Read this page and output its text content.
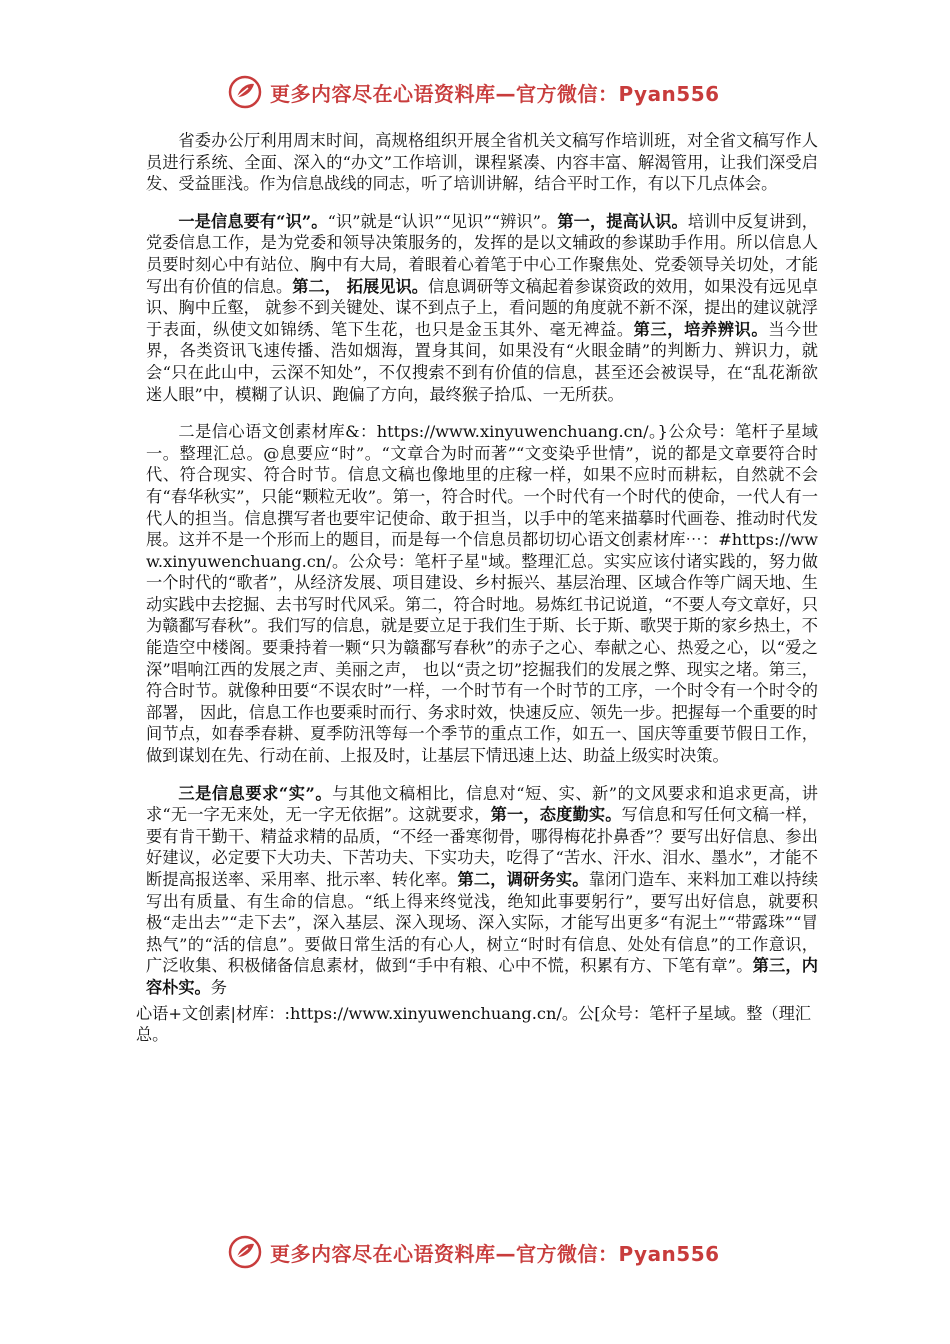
更多内容尽在心语资料库—官方微信：Pyan556

省委办公厅利用周末时间，高规格组织开展全省机关文稿写作培训班，对全省文稿写作人员进行系统、全面、深入的“办文”工作培训，课程紧凑、内容丰富、解渴管用，让我们深受启发、受益匪浅。作为信息战线的同志，听了培训讲解，结合平时工作，有以下几点体会。

一是信息要有“识”。“识”就是“认识”“见识”“辨识”。第一，提高认识。培训中反复讲到，党委信息工作，是为党委和领导决策服务的，发挥的是以文辅政的参谋助手作用。所以信息人员要时刻心中有站位、胸中有大局，着眼着心着笔于中心工作聚焦处、党委领导关切处，才能写出有价值的信息。第二， 拓展见识。信息调研等文稿起着参谋资政的效用，如果没有远见卓识、胸中丘壑， 就参不到关键处、谋不到点子上，看问题的角度就不新不深，提出的建议就浮于表面，纵使文如锦绣、笔下生花，也只是金玉其外、毫无裨益。第三，培养辨识。当今世界，各类资讯飞速传播、浩如烟海，置身其间，如果没有“火眼金睛”的判断力、辨识力，就会“只在此山中，云深不知处”，不仅搜索不到有价值的信息，甚至还会被误导，在“乱花渐欲迷人眼”中，模糊了认识、跑偏了方向，最终猴子拾瓜、一无所获。

二是信心语文创素材库&：https://www.xinyuwenchuang.cn/。}公众号：笔杆子星域一。整理汇总。@息要应“时”。“文章合为时而著”“文变染乎世情”，说的都是文章要符合时代、符合现实、符合时节。信息文稿也像地里的庄稼一样，如果不应时而耕耘，自然就不会有“春华秋实”，只能“颗粒无收”。第一，符合时代。一个时代有一个时代的使命，一代人有一代人的担当。信息撰写者也要牢记使命、敢于担当，以手中的笔来描摹时代画卷、推动时代发展。这并不是一个形而上的题目，而是每一个信息员都切切心语文创素材库⋯：#https://www.xinyuwenchuang.cn/。公众号：笔杆子星"域。整理汇总。实实应该付诸实践的，努力做一个时代的“歌者”，从经济发展、项目建设、乡村振兴、基层治理、区域合作等广阔天地、生动实践中去挖掘、去书写时代风采。第二，符合时地。易炼红书记说道，“不要人夸文章好，只为赣鄱写春秋”。我们写的信息，就是要立足于我们生于斯、长于斯、歌哭于斯的家乡热土，不能造空中楼阁。要秉持着一颗“只为赣鄱写春秋”的赤子之心、奉献之心、热爱之心，以“爱之深”唱响江西的发展之声、美丽之声， 也以“责之切”挖掘我们的发展之弊、现实之堵。第三，符合时节。就像种田要“不误农时”一样，一个时节有一个时节的工序，一个时令有一个时令的部署， 因此，信息工作也要乘时而行、务求时效，快速反应、领先一步。把握每一个重要的时间节点，如春季春耕、夏季防汛等每一个季节的重点工作，如五一、国庆等重要节假日工作，做到谋划在先、行动在前、上报及时，让基层下情迅速上达、助益上级实时决策。

三是信息要求“实”。与其他文稿相比，信息对“短、实、新”的文风要求和追求更高，讲求“无一字无来处，无一字无依据”。这就要求，第一，态度勤实。写信息和写任何文稿一样，要有肯干勤干、精益求精的品质，“不经一番寒彻骨，哪得梅花扑鼻香”？要写出好信息、参出好建议，必定要下大功夫、下苦功夫、下实功夫，吃得了“苦水、汗水、泪水、墨水”，才能不断提高报送率、采用率、批示率、转化率。第二，调研务实。靠闭门造车、来料加工难以持续写出有质量、有生命的信息。“纸上得来终觉浅，绝知此事要躬行”，要写出好信息，就要积极“走出去”“走下去”，深入基层、深入现场、深入实际，才能写出更多“有泥土”“带露珠”“冒热气”的“活的信息”。要做日常生活的有心人，树立“时时有信息、处处有信息”的工作意识，广泛收集、积极储备信息素材，做到“手中有粮、心中不慌，积累有方、下笔有章”。第三，内容朴实。务

心语+文创素|材库：:https://www.xinyuwenchuang.cn/。公[众号：笔杆子星域。整（理汇总。

更多内容尽在心语资料库—官方微信：Pyan556
